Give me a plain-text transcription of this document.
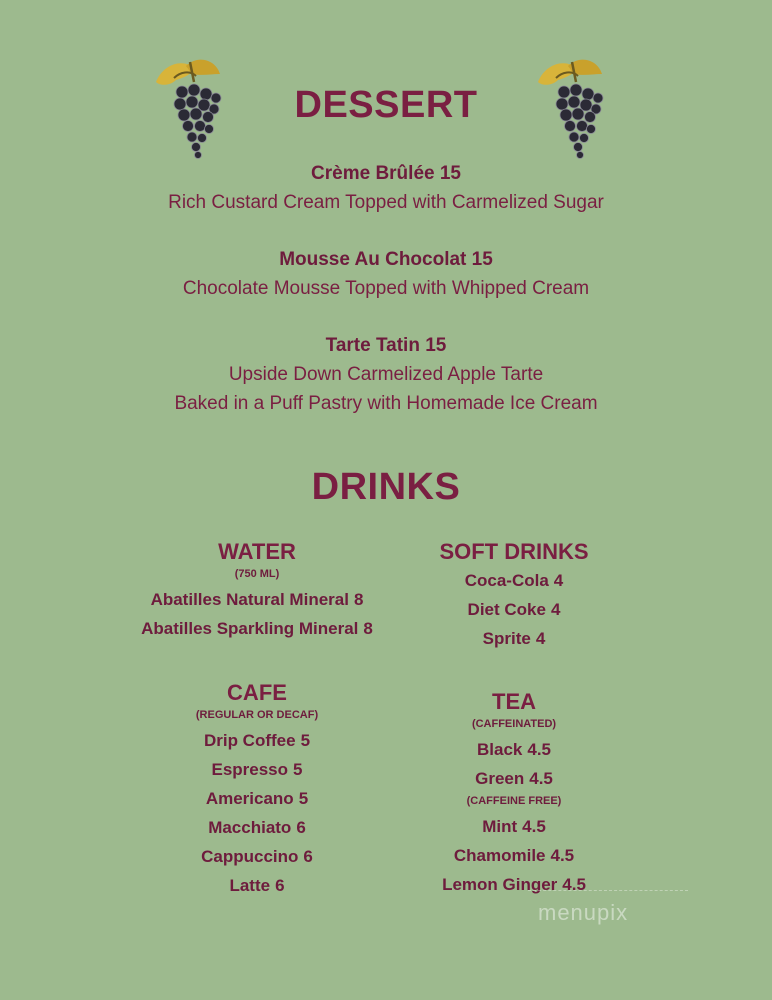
DESSERT
Crème Brûlée 15
Rich Custard Cream Topped with Carmelized Sugar
Mousse Au Chocolat 15
Chocolate Mousse Topped with Whipped Cream
Tarte Tatin 15
Upside Down Carmelized Apple Tarte
Baked in a Puff Pastry with Homemade Ice Cream
DRINKS
WATER
(750 ML)
Abatilles Natural Mineral 8
Abatilles Sparkling Mineral 8
SOFT DRINKS
Coca-Cola 4
Diet Coke 4
Sprite 4
CAFE
(REGULAR OR DECAF)
Drip Coffee 5
Espresso 5
Americano 5
Macchiato 6
Cappuccino 6
Latte 6
TEA
(CAFFEINATED)
Black 4.5
Green 4.5
(CAFFEINE FREE)
Mint 4.5
Chamomile 4.5
Lemon Ginger 4.5
menupix
